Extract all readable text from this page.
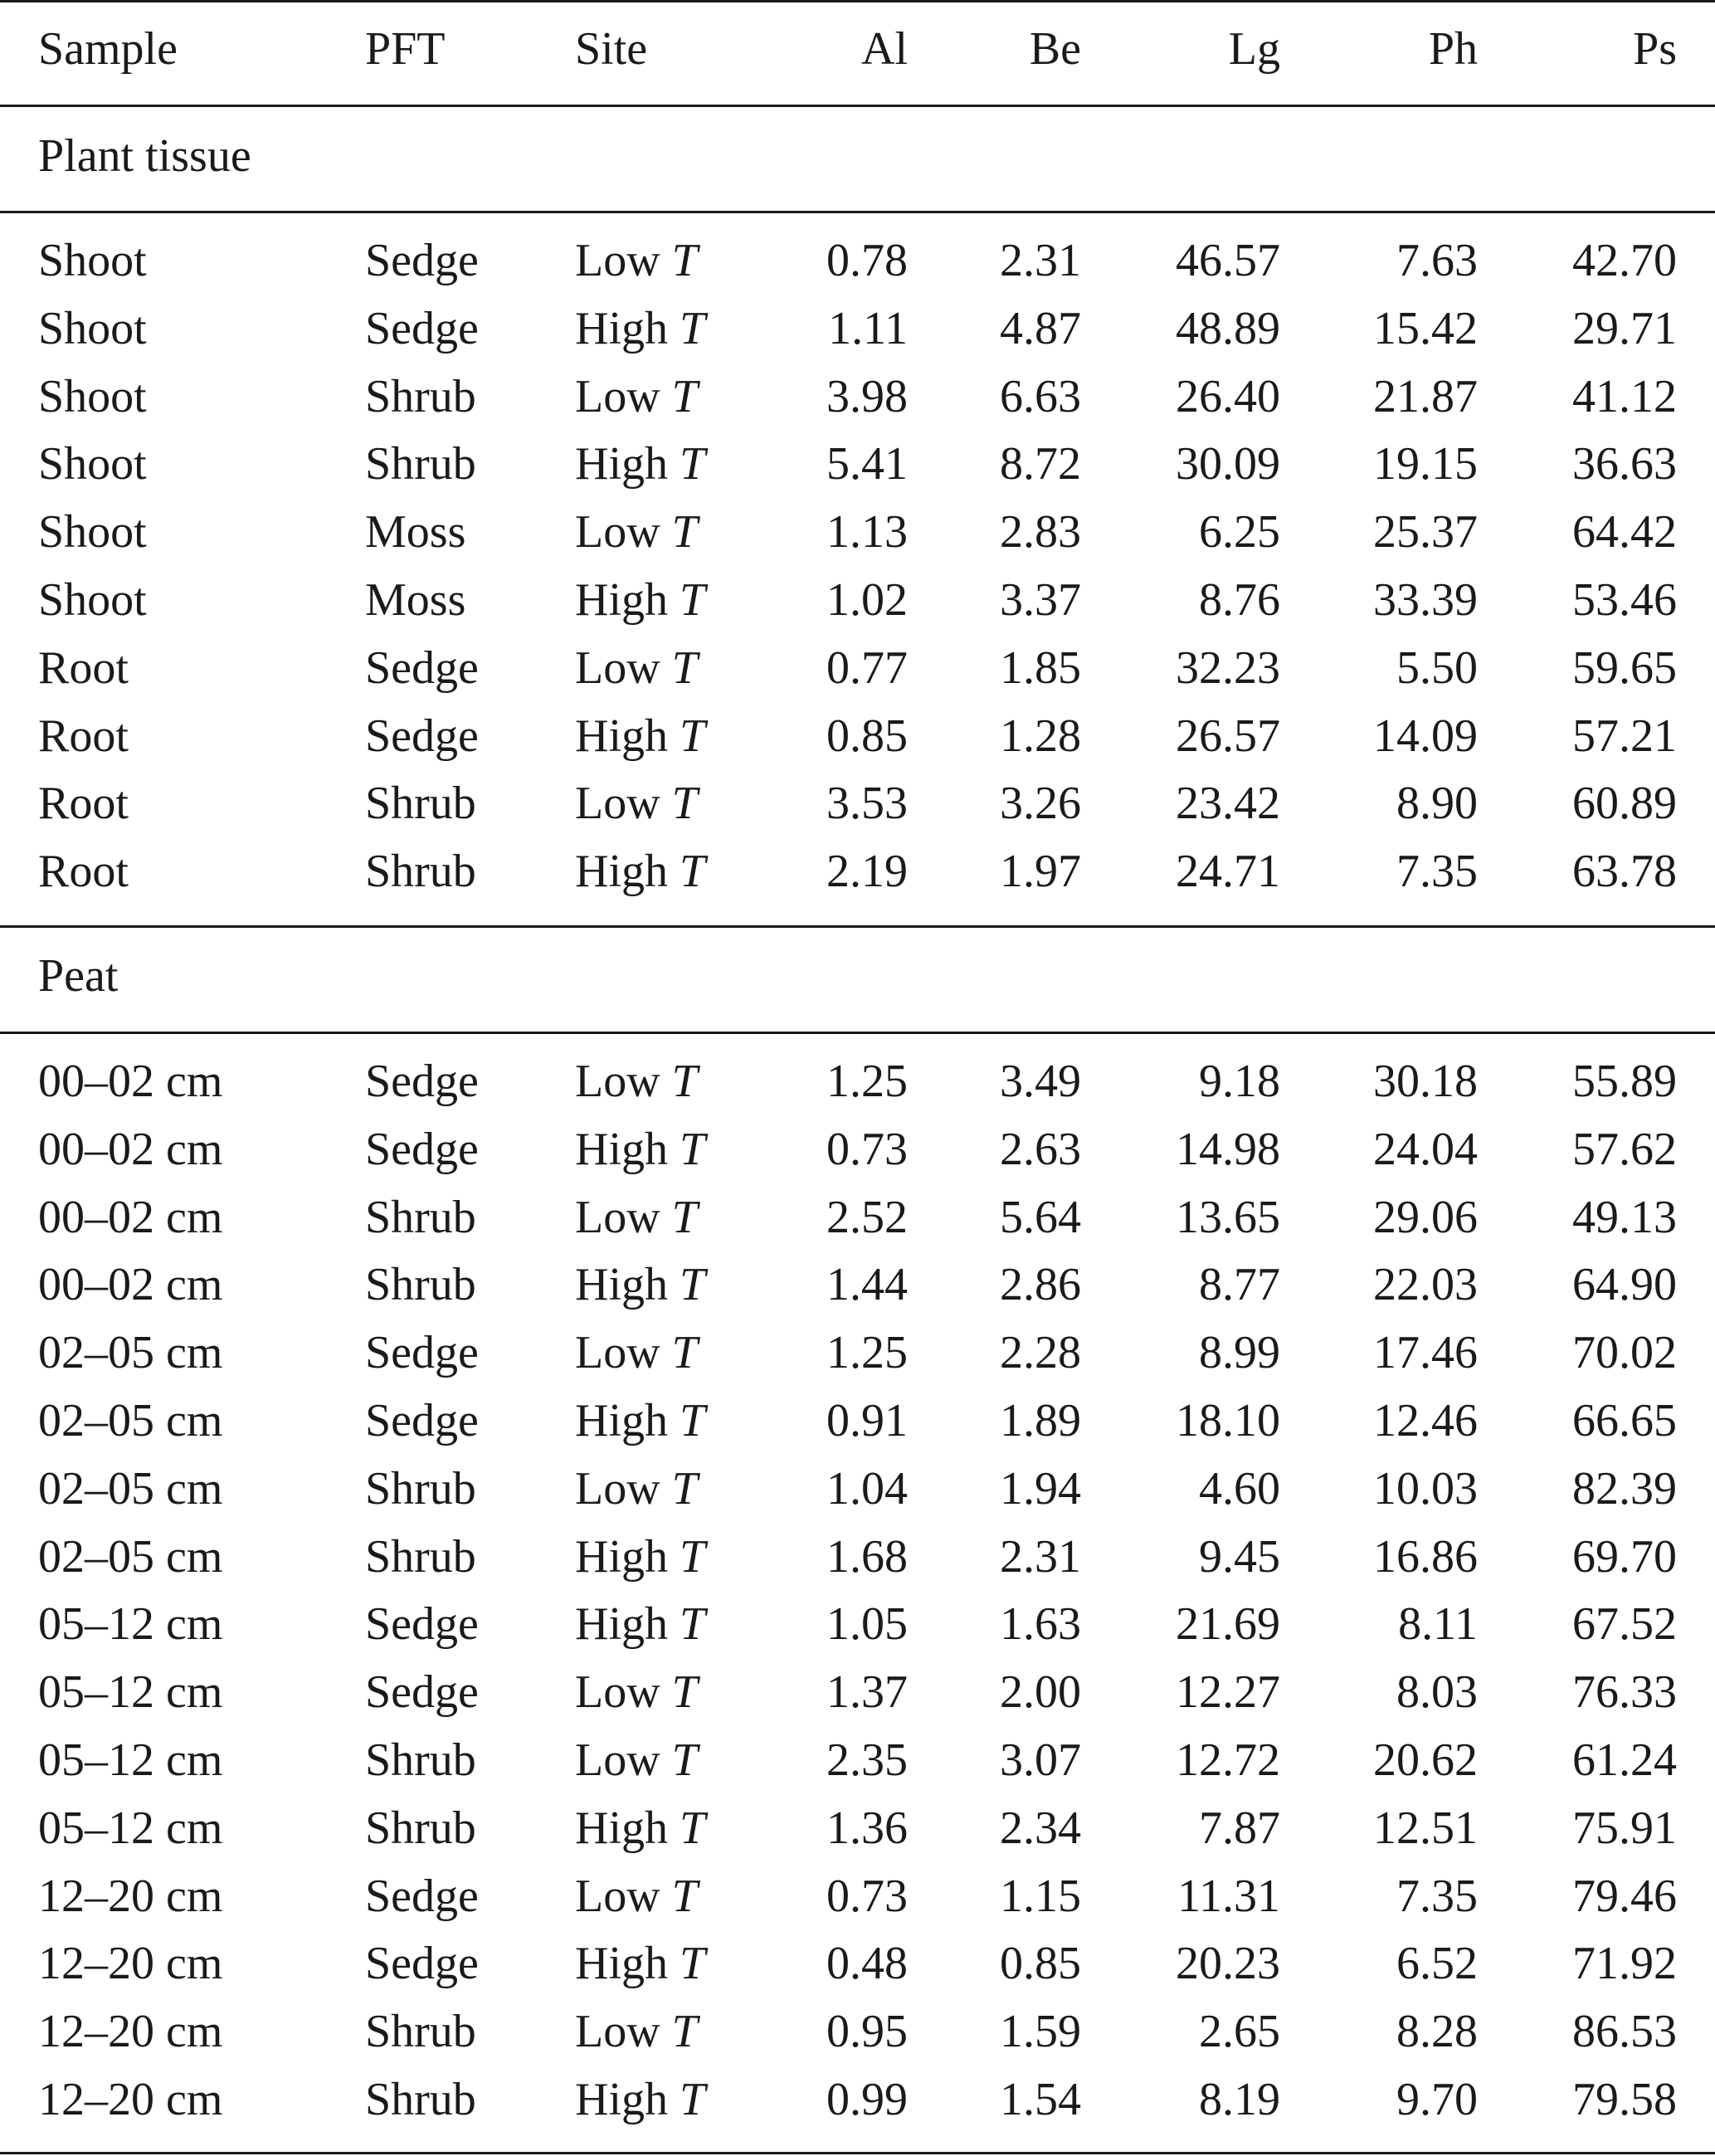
Sample	PFT	Site	Al	Be	Lg	Ph	Ps
Plant tissue
Shoot	Sedge Low T	0.78 2.31 46.57	7.63 42.70
Shoot	Sedge High T	1.11 4.87 48.89 15.42 29.71
Shoot	Shrub Low T	3.98 6.63 26.40 21.87 41.12
Shoot	Shrub High T	5.41 8.72 30.09 19.15 36.63
Shoot	Moss Low T	1.13 2.83	6.25 25.37 64.42
Shoot	Moss High T	1.02 3.37	8.76 33.39 53.46
Root	Sedge Low T	0.77 1.85 32.23	5.50 59.65
Root	Sedge High T	0.85 1.28 26.57 14.09 57.21
Root	Shrub Low T	3.53 3.26 23.42	8.90 60.89
Root	Shrub High T	2.19 1.97 24.71	7.35 63.78
Peat
00–02 cm	Sedge Low T	1.25 3.49	9.18 30.18 55.89
00–02 cm	Sedge High T	0.73 2.63 14.98 24.04 57.62
00–02 cm	Shrub Low T	2.52 5.64 13.65 29.06 49.13
00–02 cm	Shrub High T	1.44 2.86	8.77 22.03 64.90
02–05 cm	Sedge Low T	1.25 2.28	8.99 17.46 70.02
02–05 cm	Sedge High T	0.91 1.89 18.10 12.46 66.65
02–05 cm	Shrub Low T	1.04 1.94	4.60 10.03 82.39
02–05 cm	Shrub High T	1.68 2.31	9.45 16.86 69.70
05–12 cm	Sedge High T	1.05 1.63 21.69	8.11 67.52
05–12 cm	Sedge Low T	1.37 2.00 12.27	8.03 76.33
05–12 cm	Shrub Low T	2.35 3.07 12.72 20.62 61.24
05–12 cm	Shrub High T	1.36 2.34	7.87 12.51 75.91
12–20 cm	Sedge Low T	0.73 1.15 11.31	7.35 79.46
12–20 cm	Sedge High T	0.48 0.85 20.23	6.52 71.92
12–20 cm	Shrub Low T	0.95 1.59	2.65	8.28 86.53
12–20 cm	Shrub High T	0.99 1.54	8.19	9.70 79.58
